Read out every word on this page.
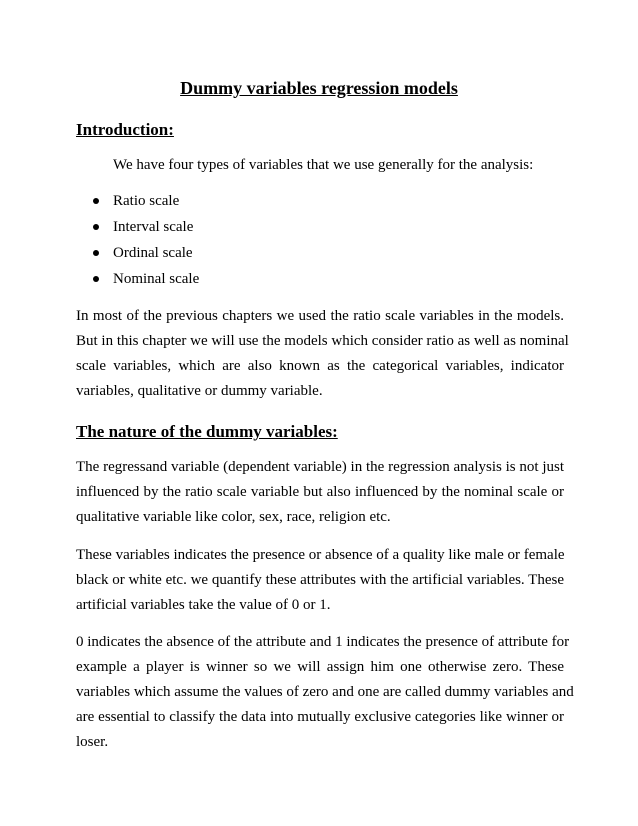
Dummy variables regression models
Introduction:
We have four types of variables that we use generally for the analysis:
Ratio scale
Interval scale
Ordinal scale
Nominal scale
In most of the previous chapters we used the ratio scale variables in the models.
But in this chapter we will use the models which consider ratio as well as nominal
scale variables, which are also known as the categorical variables, indicator
variables, qualitative or dummy variable.
The nature of the dummy variables:
The regressand variable (dependent variable) in the regression analysis is not just
influenced by the ratio scale variable but also influenced by the nominal scale or
qualitative variable like color, sex, race, religion etc.
These variables indicates the presence or absence of a quality like male or female
black or white etc. we quantify these attributes with the artificial variables. These
artificial variables take the value of 0 or 1.
0 indicates the absence of the attribute and 1 indicates the presence of attribute for
example a player is winner so we will assign him one otherwise zero. These
variables which assume the values of zero and one are called dummy variables and
are essential to classify the data into mutually exclusive categories like winner or
loser.
